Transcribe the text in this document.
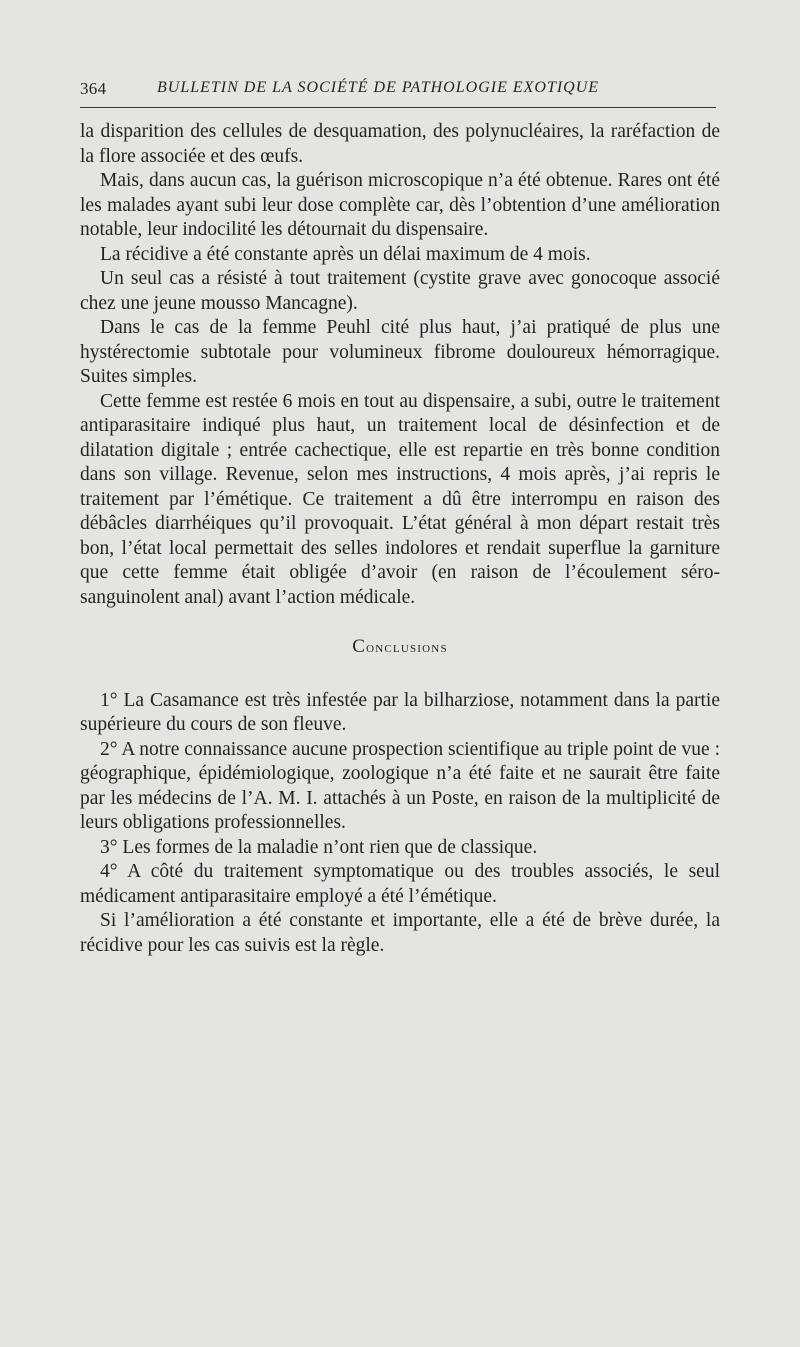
364	BULLETIN DE LA SOCIÉTÉ DE PATHOLOGIE EXOTIQUE

la disparition des cellules de desquamation, des polynucléaires, la raréfaction de la flore associée et des œufs.

Mais, dans aucun cas, la guérison microscopique n’a été obtenue. Rares ont été les malades ayant subi leur dose complète car, dès l’obtention d’une amélioration notable, leur indocilité les détournait du dispensaire.

La récidive a été constante après un délai maximum de 4 mois.

Un seul cas a résisté à tout traitement (cystite grave avec gonocoque associé chez une jeune mousso Mancagne).

Dans le cas de la femme Peuhl cité plus haut, j’ai pratiqué de plus une hystérectomie subtotale pour volumineux fibrome douloureux hémorragique. Suites simples.

Cette femme est restée 6 mois en tout au dispensaire, a subi, outre le traitement antiparasitaire indiqué plus haut, un traitement local de désinfection et de dilatation digitale ; entrée cachectique, elle est repartie en très bonne condition dans son village. Revenue, selon mes instructions, 4 mois après, j’ai repris le traitement par l’émétique. Ce traitement a dû être interrompu en raison des débâcles diarrhéiques qu’il provoquait. L’état général à mon départ restait très bon, l’état local permettait des selles indolores et rendait superflue la garniture que cette femme était obligée d’avoir (en raison de l’écoulement séro-sanguinolent anal) avant l’action médicale.

Conclusions

1° La Casamance est très infestée par la bilharziose, notamment dans la partie supérieure du cours de son fleuve.

2° A notre connaissance aucune prospection scientifique au triple point de vue : géographique, épidémiologique, zoologique n’a été faite et ne saurait être faite par les médecins de l’A. M. I. attachés à un Poste, en raison de la multiplicité de leurs obligations professionnelles.

3° Les formes de la maladie n’ont rien que de classique.

4° A côté du traitement symptomatique ou des troubles associés, le seul médicament antiparasitaire employé a été l’émétique.

Si l’amélioration a été constante et importante, elle a été de brève durée, la récidive pour les cas suivis est la règle.
